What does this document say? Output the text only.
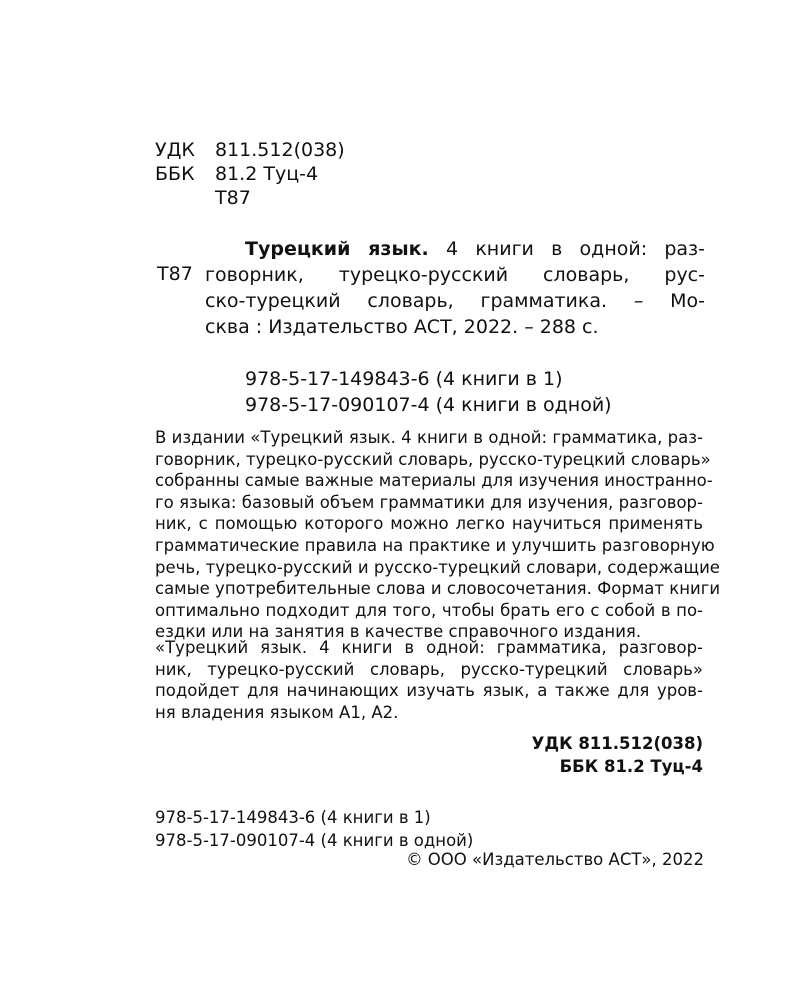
УДК 811.512(038)
ББК 81.2 Туц-4
Т87
Т87
Турецкий язык. 4 книги в одной: раз-
говорник, турецко-русский словарь, рус-
ско-турецкий словарь, грамматика. – Мо-
сква : Издательство АСТ, 2022. – 288 с.
978-5-17-149843-6 (4 книги в 1)
978-5-17-090107-4 (4 книги в одной)
В издании «Турецкий язык. 4 книги в одной: грамматика, раз-
говорник, турецко-русский словарь, русско-турецкий словарь»
собранны самые важные материалы для изучения иностранно-
го языка: базовый объем грамматики для изучения, разговор-
ник, с помощью которого можно легко научиться применять
грамматические правила на практике и улучшить разговорную
речь, турецко-русский и русско-турецкий словари, содержащие
самые употребительные слова и словосочетания. Формат книги
оптимально подходит для того, чтобы брать его с собой в по-
ездки или на занятия в качестве справочного издания.
«Турецкий язык. 4 книги в одной: грамматика, разговор-
ник, турецко-русский словарь, русско-турецкий словарь»
подойдет для начинающих изучать язык, а также для уров-
ня владения языком А1, А2.
УДК 811.512(038)
ББК 81.2 Туц-4
978-5-17-149843-6 (4 книги в 1)
978-5-17-090107-4 (4 книги в одной)
© ООО «Издательство АСТ», 2022
